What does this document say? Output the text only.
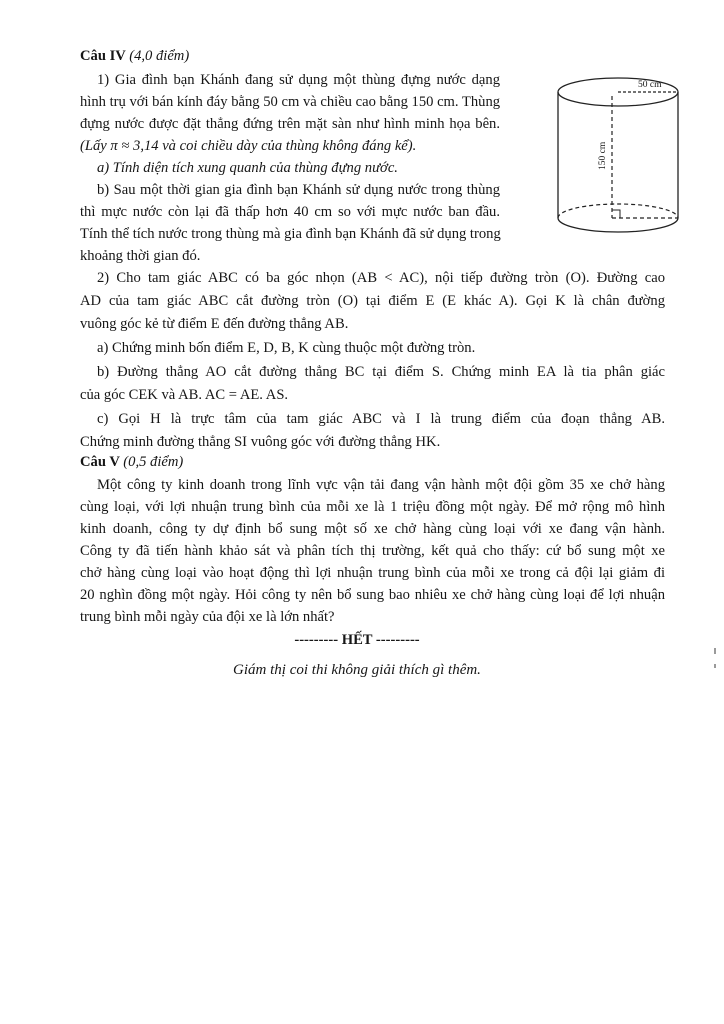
Câu IV (4,0 điểm)
1) Gia đình bạn Khánh đang sử dụng một thùng đựng nước dạng
hình trụ với bán kính đáy bằng 50 cm và chiều cao bằng 150 cm. Thùng
đựng nước được đặt thẳng đứng trên mặt sàn như hình minh họa bên.
(Lấy π ≈ 3,14 và coi chiều dày của thùng không đáng kể).
a) Tính diện tích xung quanh của thùng đựng nước.
b) Sau một thời gian gia đình bạn Khánh sử dụng nước trong thùng
thì mực nước còn lại đã thấp hơn 40 cm so với mực nước ban đầu.
Tính thể tích nước trong thùng mà gia đình bạn Khánh đã sử dụng trong
khoảng thời gian đó.
50 cm
150 cm
2) Cho tam giác ABC có ba góc nhọn (AB < AC), nội tiếp đường tròn (O). Đường cao
AD của tam giác ABC cắt đường tròn (O) tại điểm E (E khác A). Gọi K là chân đường
vuông góc kẻ từ điểm E đến đường thẳng AB.
a) Chứng minh bốn điểm E, D, B, K cùng thuộc một đường tròn.
b) Đường thẳng AO cắt đường thẳng BC tại điểm S. Chứng minh EA là tia phân giác
của góc CEK và AB. AC = AE. AS.
c) Gọi H là trực tâm của tam giác ABC và I là trung điểm của đoạn thẳng AB.
Chứng minh đường thẳng SI vuông góc với đường thẳng HK.
Câu V (0,5 điểm)
Một công ty kinh doanh trong lĩnh vực vận tải đang vận hành một đội gồm 35 xe chở hàng
cùng loại, với lợi nhuận trung bình của mỗi xe là 1 triệu đồng một ngày. Để mở rộng mô hình
kinh doanh, công ty dự định bổ sung một số xe chở hàng cùng loại với xe đang vận hành.
Công ty đã tiến hành khảo sát và phân tích thị trường, kết quả cho thấy: cứ bổ sung một xe
chở hàng cùng loại vào hoạt động thì lợi nhuận trung bình của mỗi xe trong cả đội lại giảm đi
20 nghìn đồng một ngày. Hỏi công ty nên bổ sung bao nhiêu xe chở hàng cùng loại để lợi nhuận
trung bình mỗi ngày của đội xe là lớn nhất?
--------- HẾT ---------
Giám thị coi thi không giải thích gì thêm.
